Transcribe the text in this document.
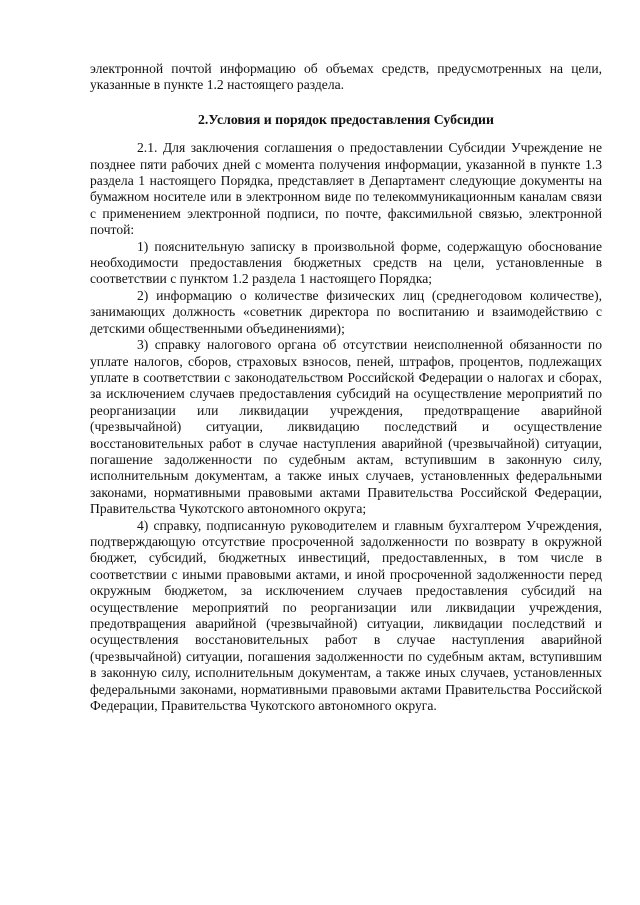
электронной почтой информацию об объемах средств, предусмотренных на цели, указанные в пункте 1.2 настоящего раздела.

2.Условия и порядок предоставления Субсидии

2.1. Для заключения соглашения о предоставлении Субсидии Учреждение не позднее пяти рабочих дней с момента получения информации, указанной в пункте 1.3 раздела 1 настоящего Порядка, представляет в Департамент следующие документы на бумажном носителе или в электронном виде по телекоммуникационным каналам связи с применением электронной подписи, по почте, факсимильной связью, электронной почтой:

1) пояснительную записку в произвольной форме, содержащую обоснование необходимости предоставления бюджетных средств на цели, установленные в соответствии с пунктом 1.2 раздела 1 настоящего Порядка;

2) информацию о количестве физических лиц (среднегодовом количестве), занимающих должность «советник директора по воспитанию и взаимодействию с детскими общественными объединениями);

3) справку налогового органа об отсутствии неисполненной обязанности по уплате налогов, сборов, страховых взносов, пеней, штрафов, процентов, подлежащих уплате в соответствии с законодательством Российской Федерации о налогах и сборах, за исключением случаев предоставления субсидий на осуществление мероприятий по реорганизации или ликвидации учреждения, предотвращение аварийной (чрезвычайной) ситуации, ликвидацию последствий и осуществление восстановительных работ в случае наступления аварийной (чрезвычайной) ситуации, погашение задолженности по судебным актам, вступившим в законную силу, исполнительным документам, а также иных случаев, установленных федеральными законами, нормативными правовыми актами Правительства Российской Федерации, Правительства Чукотского автономного округа;

4) справку, подписанную руководителем и главным бухгалтером Учреждения, подтверждающую отсутствие просроченной задолженности по возврату в окружной бюджет, субсидий, бюджетных инвестиций, предоставленных, в том числе в соответствии с иными правовыми актами, и иной просроченной задолженности перед окружным бюджетом, за исключением случаев предоставления субсидий на осуществление мероприятий по реорганизации или ликвидации учреждения, предотвращения аварийной (чрезвычайной) ситуации, ликвидации последствий и осуществления восстановительных работ в случае наступления аварийной (чрезвычайной) ситуации, погашения задолженности по судебным актам, вступившим в законную силу, исполнительным документам, а также иных случаев, установленных федеральными законами, нормативными правовыми актами Правительства Российской Федерации, Правительства Чукотского автономного округа.
